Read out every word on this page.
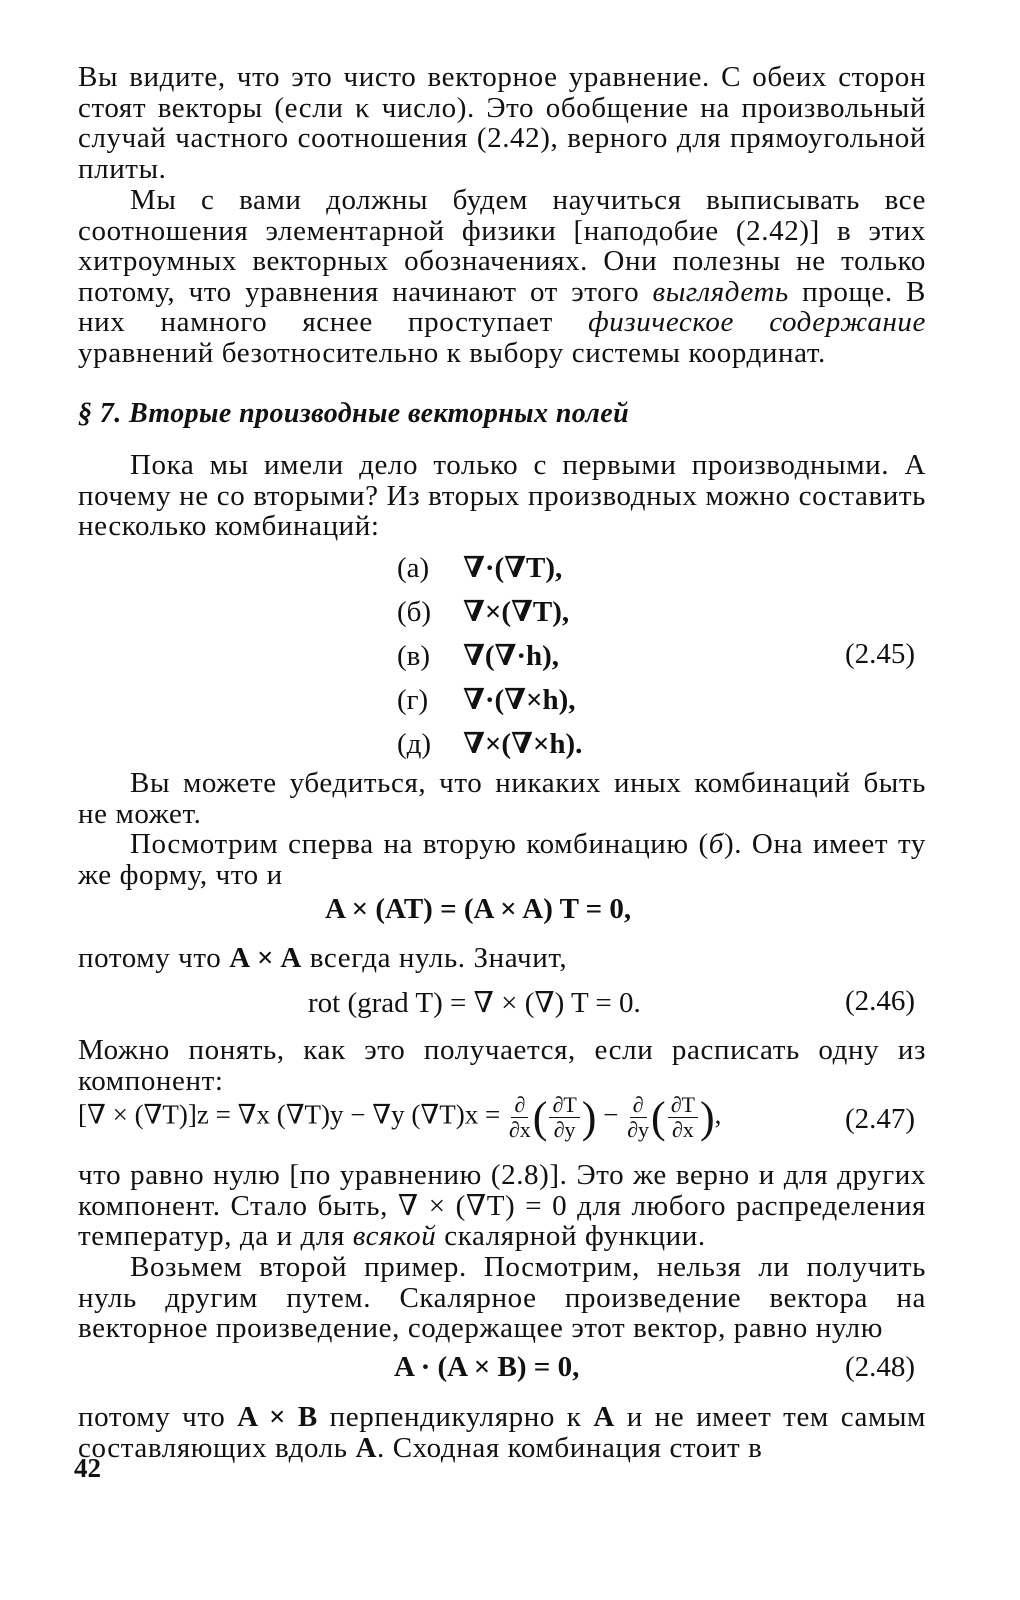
Вы видите, что это чисто векторное уравнение. С обеих сторон стоят векторы (если κ число). Это обобщение на произвольный случай частного соотношения (2.42), верного для прямоугольной плиты.

Мы с вами должны будем научиться выписывать все соотношения элементарной физики [наподобие (2.42)] в этих хитроумных векторных обозначениях. Они полезны не только потому, что уравнения начинают от этого выглядеть проще. В них намного яснее проступает физическое содержание уравнений безотносительно к выбору системы координат.

§ 7. Вторые производные векторных полей

Пока мы имели дело только с первыми производными. А почему не со вторыми? Из вторых производных можно составить несколько комбинаций:

(а) ∇·(∇T),
(б) ∇×(∇T),
(в) ∇(∇·h),
(г) ∇·(∇×h),
(д) ∇×(∇×h).
(2.45)

Вы можете убедиться, что никаких иных комбинаций быть не может.

Посмотрим сперва на вторую комбинацию (б). Она имеет ту же форму, что и

A × (AT) = (A × A) T = 0,

потому что A × A всегда нуль. Значит,

rot (grad T) = ∇ × (∇) T = 0.	(2.46)

Можно понять, как это получается, если расписать одну из компонент:

[∇ × (∇T)]z = ∇x (∇T)y − ∇y $(\nabla T)x = \frac{\partial}{\partial x}$ ( $\frac{\partial T}{\partial y}$ ) − $\frac{\partial}{\partial y}$ ( $\frac{\partial T}{\partial x}$ ),	(2.47)

что равно нулю [по уравнению (2.8)]. Это же верно и для других компонент. Стало быть, ∇ × (∇T) = 0 для любого распределения температур, да и для всякой скалярной функции.

Возьмем второй пример. Посмотрим, нельзя ли получить нуль другим путем. Скалярное произведение вектора на векторное произведение, содержащее этот вектор, равно нулю

A · (A × B) = 0,	(2.48)

потому что A × B перпендикулярно к A и не имеет тем самым составляющих вдоль A. Сходная комбинация стоит в

42
